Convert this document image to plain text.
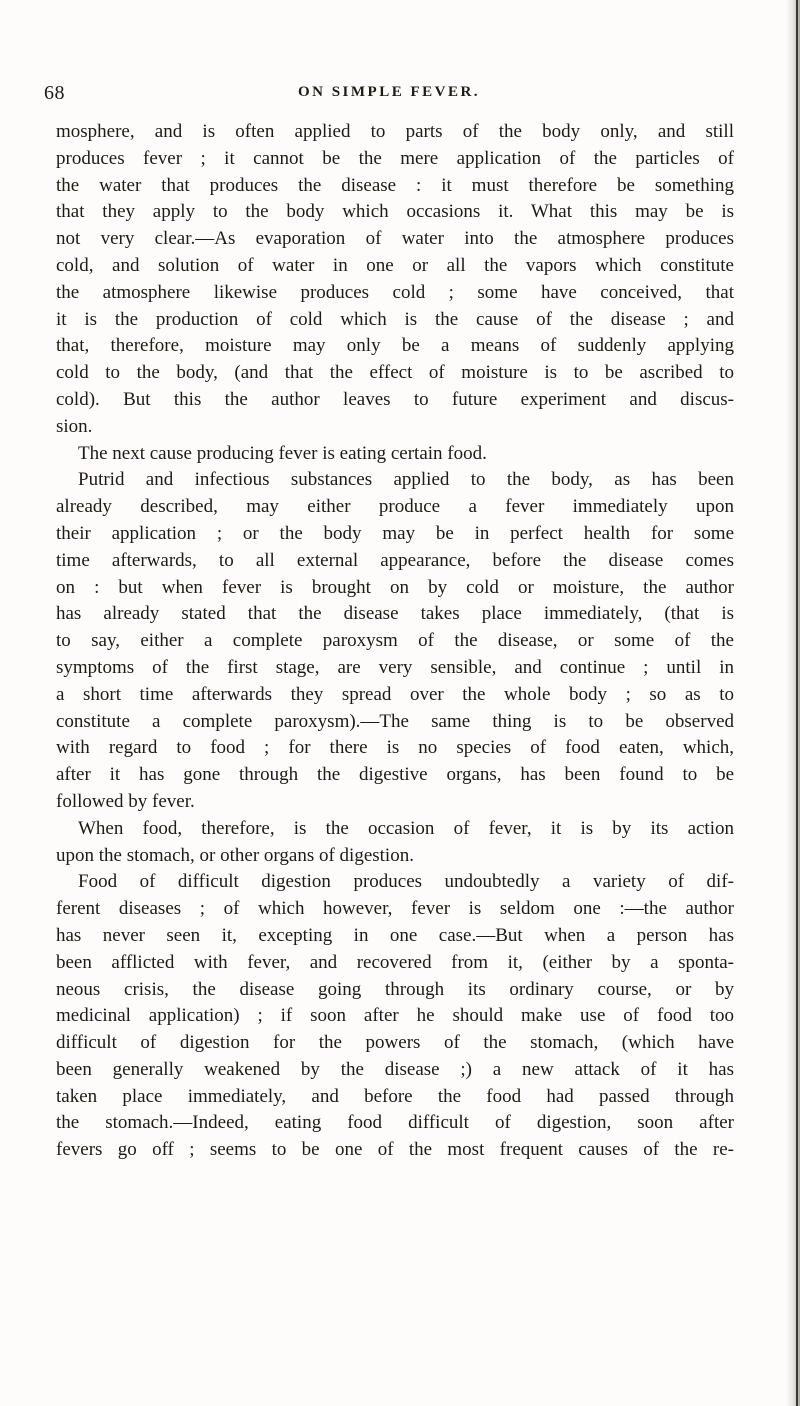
68	ON SIMPLE FEVER.
mosphere, and is often applied to parts of the body only, and still
produces fever ; it cannot be the mere application of the particles of
the water that produces the disease : it must therefore be something
that they apply to the body which occasions it. What this may be is
not very clear.—As evaporation of water into the atmosphere produces
cold, and solution of water in one or all the vapors which constitute
the atmosphere likewise produces cold ; some have conceived, that
it is the production of cold which is the cause of the disease ; and
that, therefore, moisture may only be a means of suddenly applying
cold to the body, (and that the effect of moisture is to be ascribed to
cold). But this the author leaves to future experiment and discus-
sion.
The next cause producing fever is eating certain food.
Putrid and infectious substances applied to the body, as has been
already described, may either produce a fever immediately upon
their application ; or the body may be in perfect health for some
time afterwards, to all external appearance, before the disease comes
on : but when fever is brought on by cold or moisture, the author
has already stated that the disease takes place immediately, (that is
to say, either a complete paroxysm of the disease, or some of the
symptoms of the first stage, are very sensible, and continue ; until in
a short time afterwards they spread over the whole body ; so as to
constitute a complete paroxysm).—The same thing is to be observed
with regard to food ; for there is no species of food eaten, which,
after it has gone through the digestive organs, has been found to be
followed by fever.
When food, therefore, is the occasion of fever, it is by its action
upon the stomach, or other organs of digestion.
Food of difficult digestion produces undoubtedly a variety of dif-
ferent diseases ; of which however, fever is seldom one :—the author
has never seen it, excepting in one case.—But when a person has
been afflicted with fever, and recovered from it, (either by a sponta-
neous crisis, the disease going through its ordinary course, or by
medicinal application) ; if soon after he should make use of food too
difficult of digestion for the powers of the stomach, (which have
been generally weakened by the disease ;) a new attack of it has
taken place immediately, and before the food had passed through
the stomach.—Indeed, eating food difficult of digestion, soon after
fevers go off ; seems to be one of the most frequent causes of the re-
